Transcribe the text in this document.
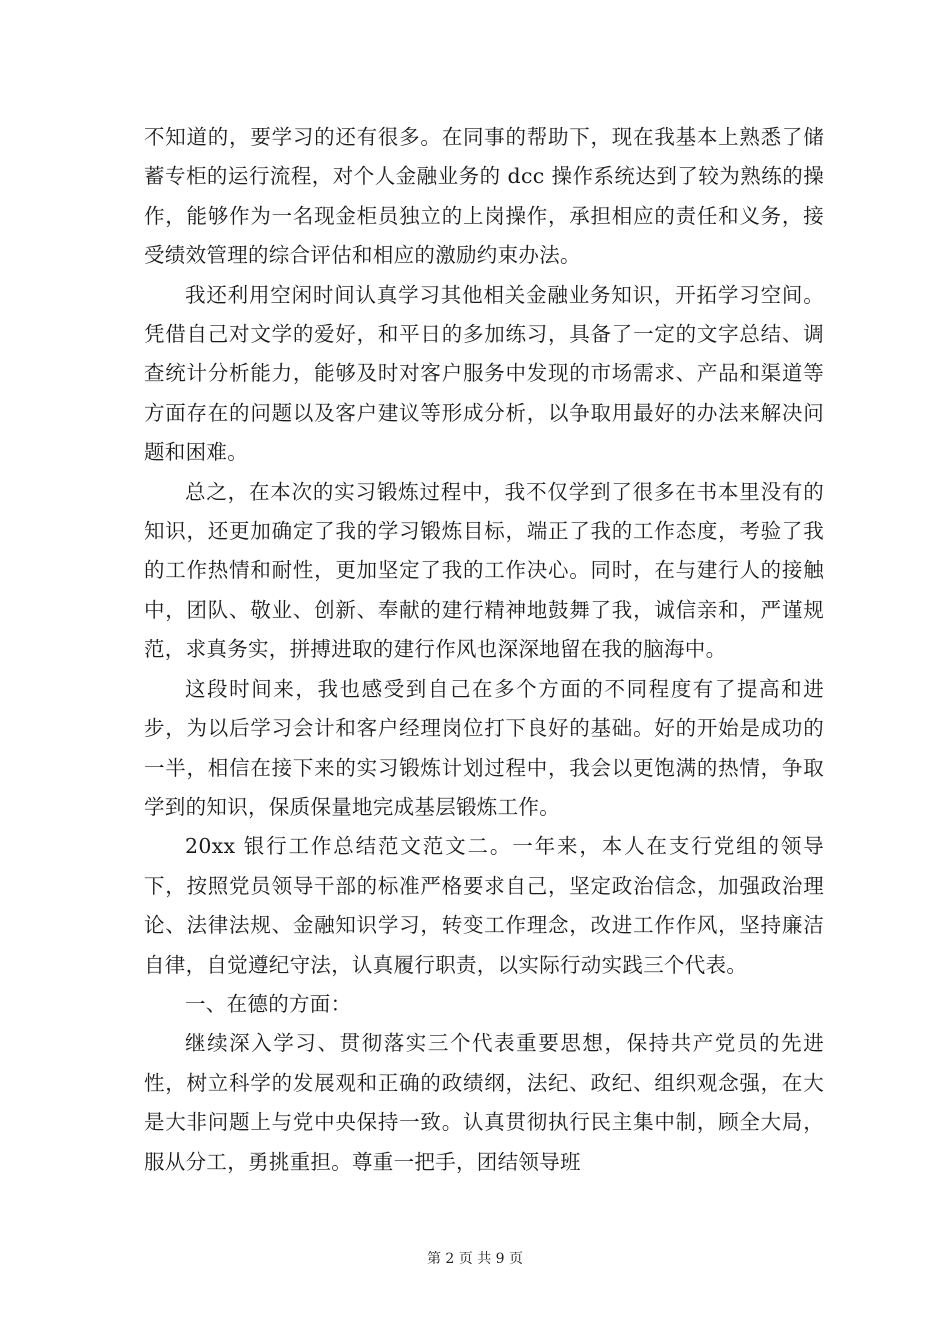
不知道的，要学习的还有很多。在同事的帮助下，现在我基本上熟悉了储蓄专柜的运行流程，对个人金融业务的 dcc 操作系统达到了较为熟练的操作，能够作为一名现金柜员独立的上岗操作，承担相应的责任和义务，接受绩效管理的综合评估和相应的激励约束办法。

我还利用空闲时间认真学习其他相关金融业务知识，开拓学习空间。凭借自己对文学的爱好，和平日的多加练习，具备了一定的文字总结、调查统计分析能力，能够及时对客户服务中发现的市场需求、产品和渠道等方面存在的问题以及客户建议等形成分析，以争取用最好的办法来解决问题和困难。

总之，在本次的实习锻炼过程中，我不仅学到了很多在书本里没有的知识，还更加确定了我的学习锻炼目标，端正了我的工作态度，考验了我的工作热情和耐性，更加坚定了我的工作决心。同时，在与建行人的接触中，团队、敬业、创新、奉献的建行精神地鼓舞了我，诚信亲和，严谨规范，求真务实，拼搏进取的建行作风也深深地留在我的脑海中。

这段时间来，我也感受到自己在多个方面的不同程度有了提高和进步，为以后学习会计和客户经理岗位打下良好的基础。好的开始是成功的一半，相信在接下来的实习锻炼计划过程中，我会以更饱满的热情，争取学到的知识，保质保量地完成基层锻炼工作。

20xx 银行工作总结范文范文二。一年来，本人在支行党组的领导下，按照党员领导干部的标准严格要求自己，坚定政治信念，加强政治理论、法律法规、金融知识学习，转变工作理念，改进工作作风，坚持廉洁自律，自觉遵纪守法，认真履行职责，以实际行动实践三个代表。

一、在德的方面：

继续深入学习、贯彻落实三个代表重要思想，保持共产党员的先进性，树立科学的发展观和正确的政绩纲，法纪、政纪、组织观念强，在大是大非问题上与党中央保持一致。认真贯彻执行民主集中制，顾全大局，服从分工，勇挑重担。尊重一把手，团结领导班

第 2 页 共 9 页
